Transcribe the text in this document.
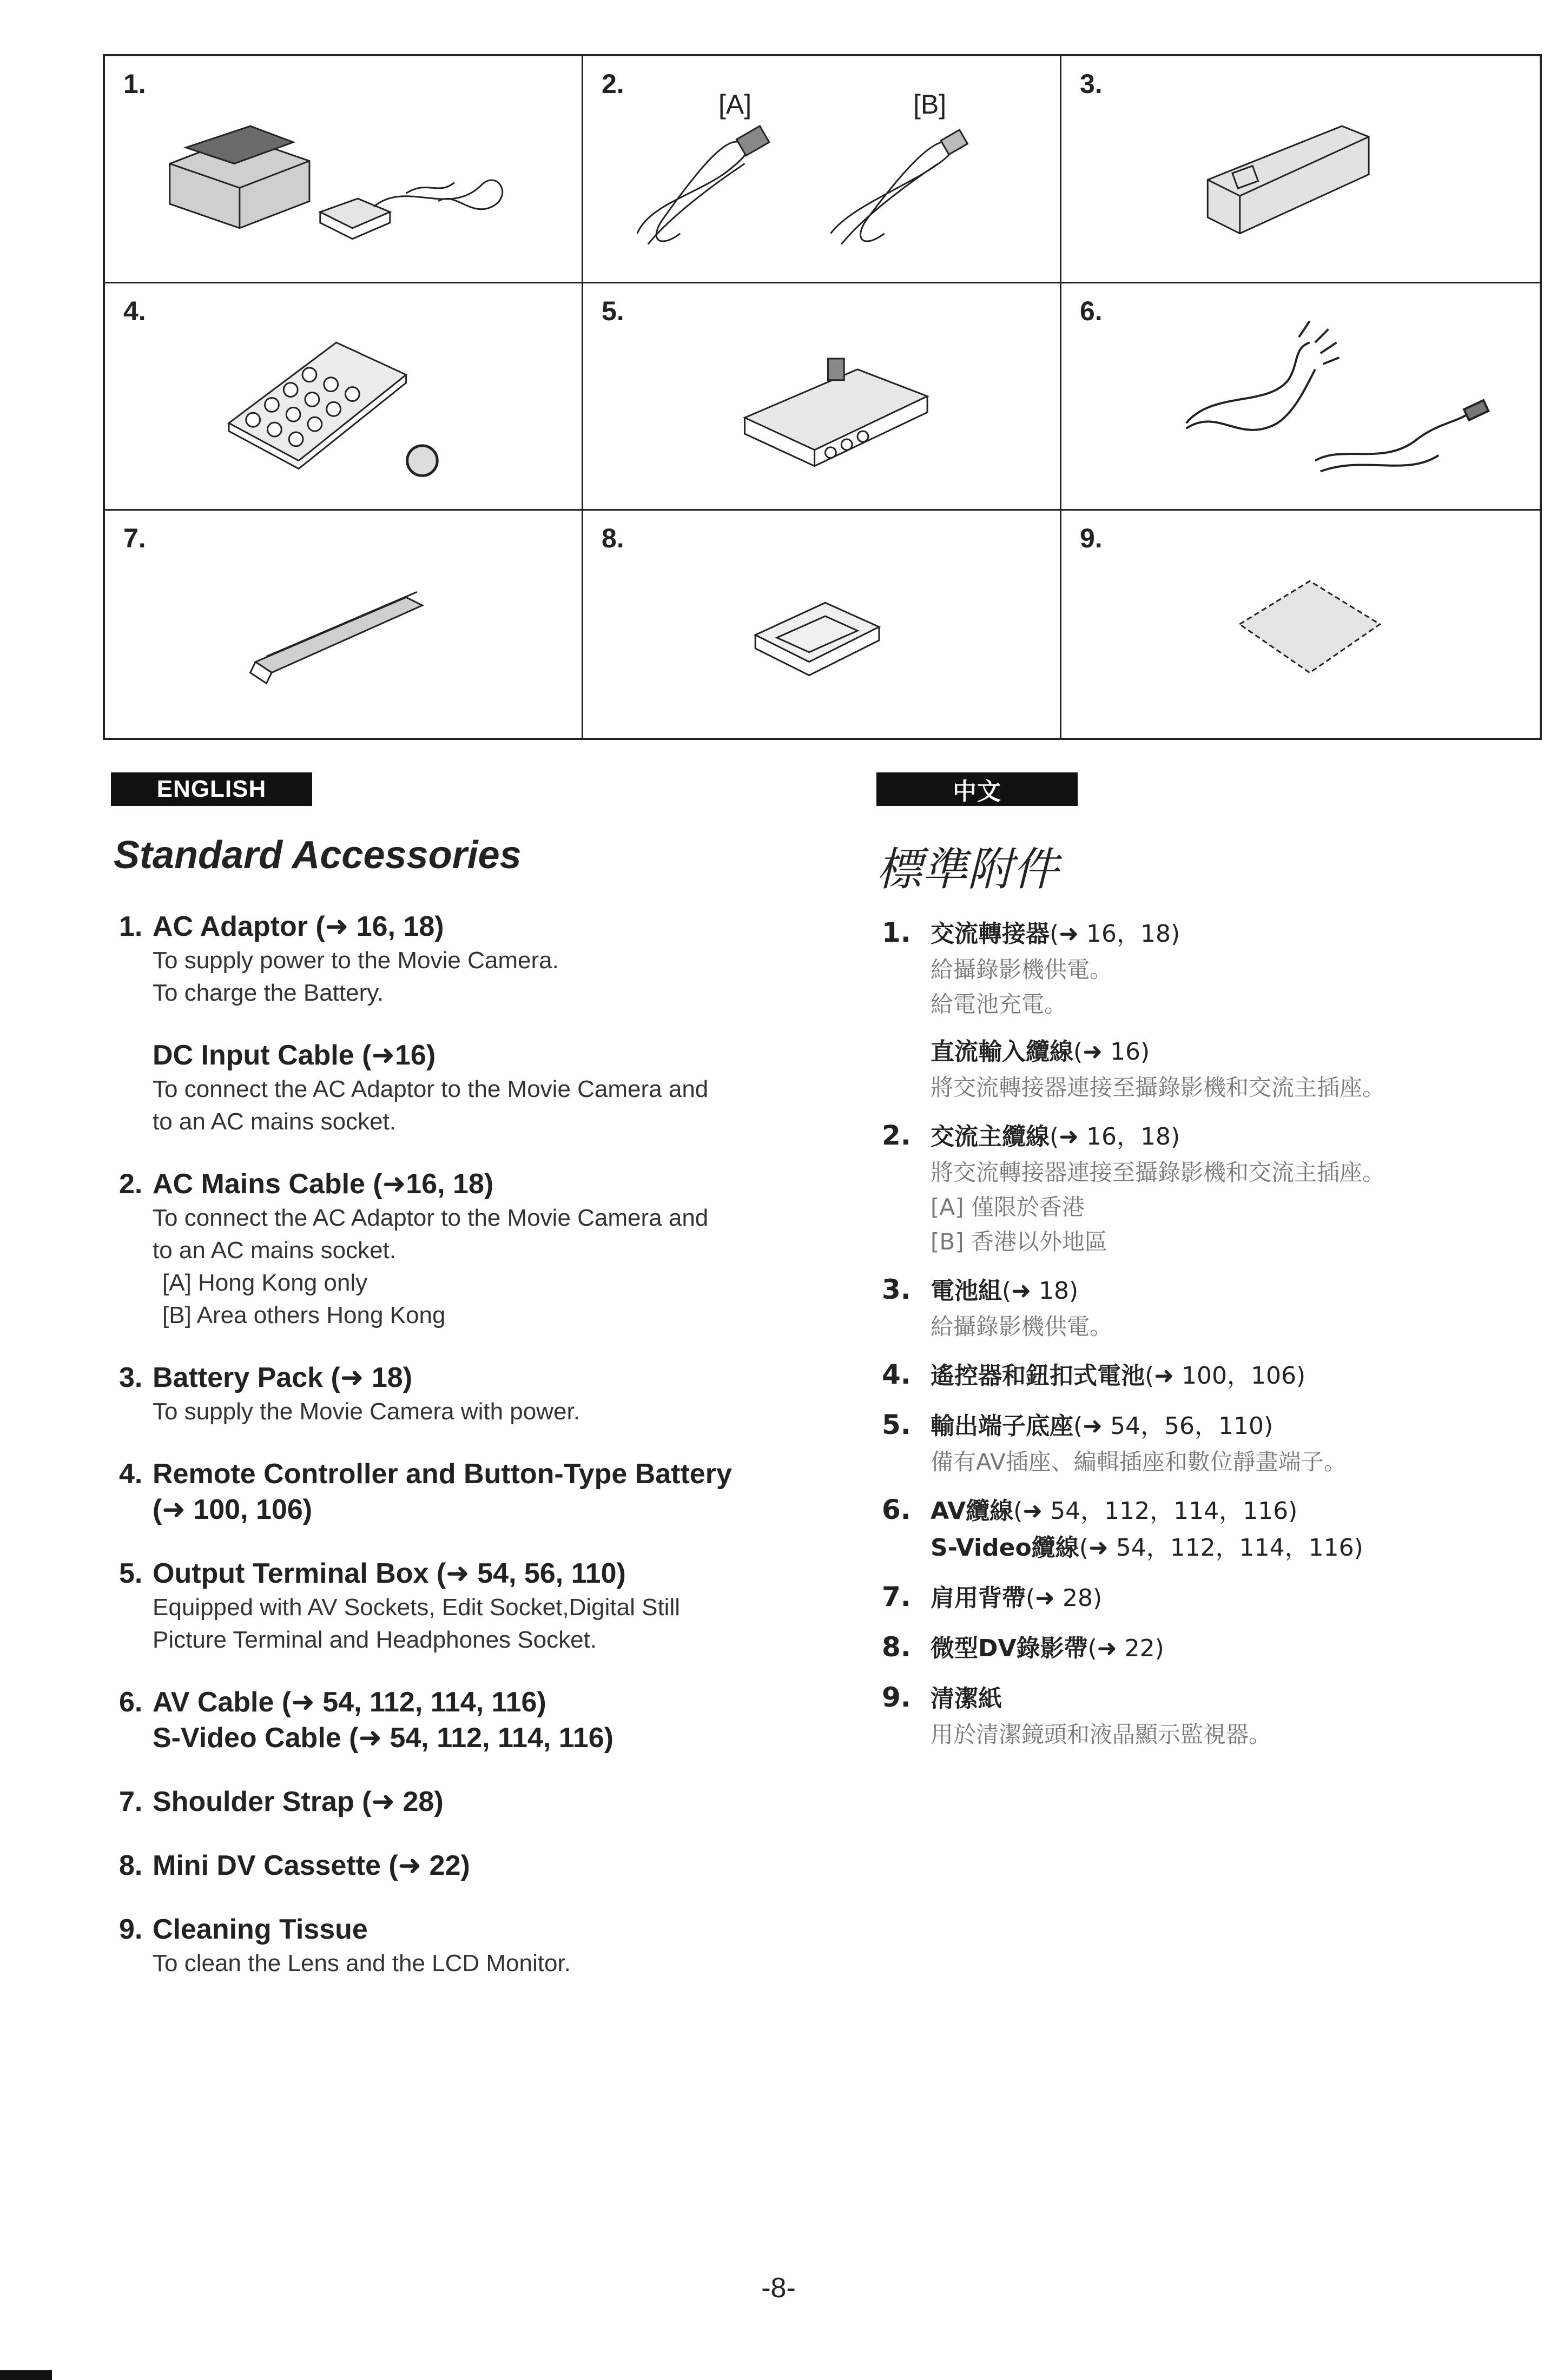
1.	2.
[A]	[B]
3.
4.	5.	6.
7.	8.	9.
ENGLISH	中文
Standard Accessories	標準附件
1. AC Adaptor (➜ 16, 18)
To supply power to the Movie Camera.
To charge the Battery.
DC Input Cable (➜16)
To connect the AC Adaptor to the Movie Camera and
to an AC mains socket.
2. AC Mains Cable (➜16, 18)
To connect the AC Adaptor to the Movie Camera and
to an AC mains socket.
[A] Hong Kong only
[B] Area others Hong Kong
3. Battery Pack (➜ 18)
To supply the Movie Camera with power.
4. Remote Controller and Button-Type Battery
(➜ 100, 106)
5. Output Terminal Box (➜ 54, 56, 110)
Equipped with AV Sockets, Edit Socket,Digital Still
Picture Terminal and Headphones Socket.
6. AV Cable (➜ 54, 112, 114, 116)
S-Video Cable (➜ 54, 112, 114, 116)
7. Shoulder Strap (➜ 28)
8. Mini DV Cassette (➜ 22)
9. Cleaning Tissue
To clean the Lens and the LCD Monitor.
1. 交流轉接器(➜ 16，18)
給攝錄影機供電。
給電池充電。
直流輸入纜線(➜ 16)
將交流轉接器連接至攝錄影機和交流主插座。
2. 交流主纜線(➜ 16，18)
將交流轉接器連接至攝錄影機和交流主插座。
[A] 僅限於香港
[B] 香港以外地區
3. 電池組(➜ 18)
給攝錄影機供電。
4. 遙控器和鈕扣式電池(➜ 100，106)
5. 輸出端子底座(➜ 54，56，110)
備有AV插座、編輯插座和數位靜畫端子。
6. AV纜線(➜ 54，112，114，116)
S-Video纜線(➜ 54，112，114，116)
7. 肩用背帶(➜ 28)
8. 微型DV錄影帶(➜ 22)
9. 清潔紙
用於清潔鏡頭和液晶顯示監視器。
-8-
